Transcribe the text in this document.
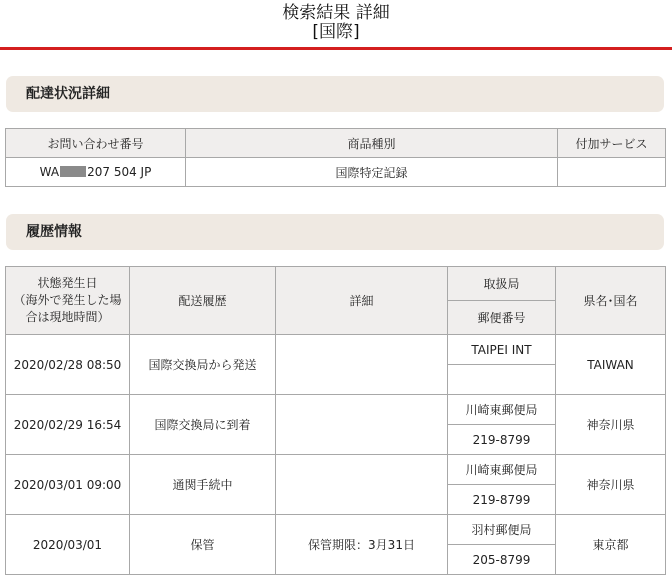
検索結果 詳細
[国際]
配達状況詳細
お問い合わせ番号	商品種別	付加サービス
WA 207 504 JP	国際特定記録	
履歴情報
状態発生日
（海外で発生した場
合は現地時間）	配送履歴	詳細	取扱局	県名･国名
			郵便番号	
2020/02/28 08:50	国際交換局から発送		TAIPEI INT	TAIWAN

2020/02/29 16:54	国際交換局に到着		川崎東郵便局	神奈川県
			219-8799	
2020/03/01 09:00	通関手続中		川崎東郵便局	神奈川県
			219-8799	
2020/03/01	保管	保管期限：3月31日	羽村郵便局	東京都
			205-8799	
